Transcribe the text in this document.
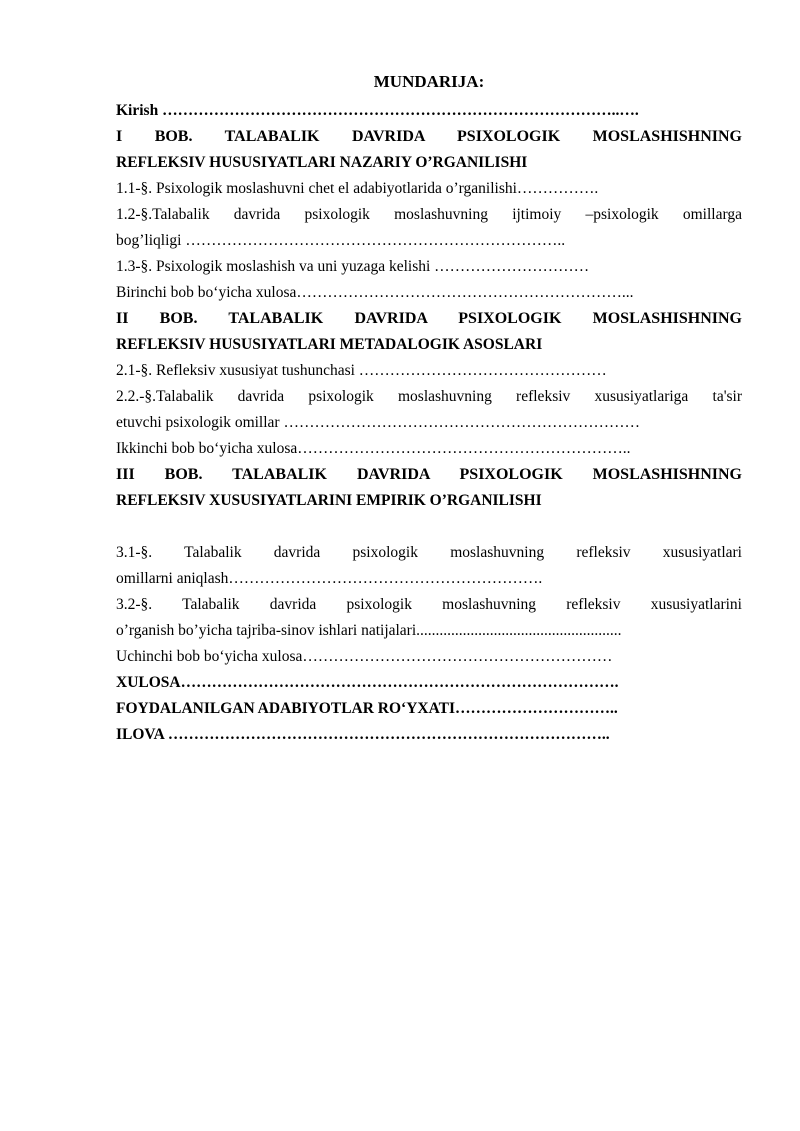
MUNDARIJA:
Kirish ……………………………………………………………………………..….
I BOB. TALABALIK DAVRIDA PSIXOLOGIK MOSLASHISHNING
REFLEKSIV HUSUSIYATLARI NAZARIY O’RGANILISHI
1.1-§. Psixologik moslashuvni chet el adabiyotlarida o’rganilishi…………….
1.2-§.Talabalik davrida psixologik moslashuvning ijtimoiy –psixologik omillarga
bog’liqligi ………………………………………………………………..
1.3-§. Psixologik moslashish va uni yuzaga kelishi …………………………
Birinchi bob bo‘yicha xulosa………………………………………………………...
II BOB. TALABALIK DAVRIDA PSIXOLOGIK MOSLASHISHNING
REFLEKSIV HUSUSIYATLARI METADALOGIK ASOSLARI
2.1-§. Refleksiv xususiyat tushunchasi …………………………………………
2.2.-§.Talabalik davrida psixologik moslashuvning refleksiv xususiyatlariga ta'sir
etuvchi psixologik omillar ……………………………………………………………
Ikkinchi bob bo‘yicha xulosa………………………………………………………..
III BOB. TALABALIK DAVRIDA PSIXOLOGIK MOSLASHISHNING
REFLEKSIV XUSUSIYATLARINI EMPIRIK O’RGANILISHI
3.1-§. Talabalik davrida psixologik moslashuvning refleksiv xususiyatlari
omillarni aniqlash…………………………………………………….
3.2-§. Talabalik davrida psixologik moslashuvning refleksiv xususiyatlarini
o’rganish bo’yicha tajriba-sinov ishlari natijalari.....................................................
Uchinchi bob bo‘yicha xulosa……………………………………………………
XULOSA………………………………………………………………………….
FOYDALANILGAN ADABIYOTLAR RO‘YXATI…………………………..
ILOVA …………………………………………………………………………..
